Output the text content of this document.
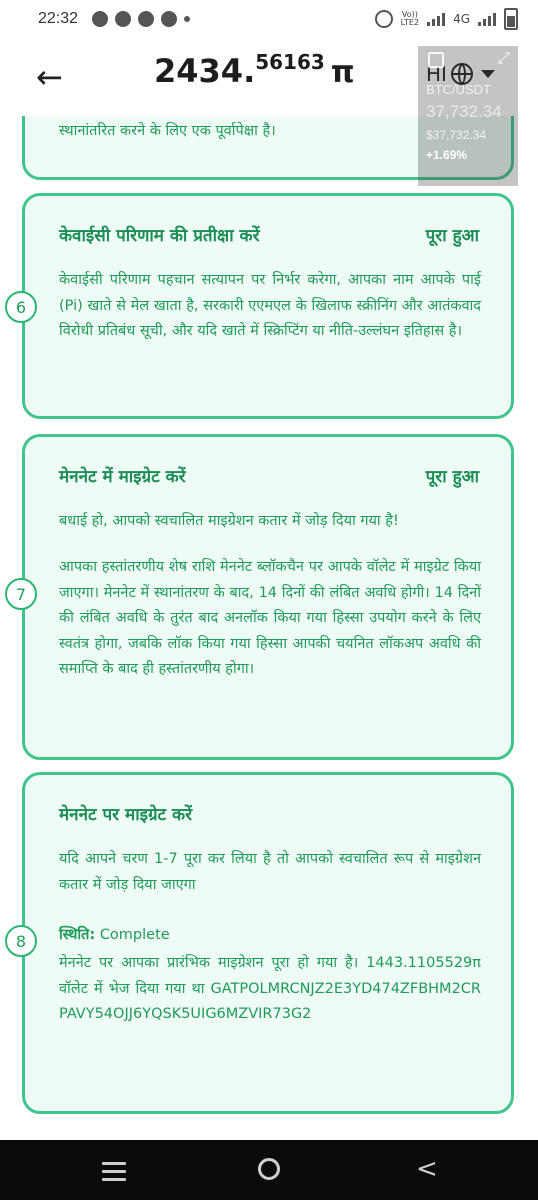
22:32	Vo))
LTE2	4G
←	2434.56163 π	HI
⤢
BTC/USDT
37,732.34
$37,732.34
+1.69%
स्थानांतरित करने के लिए एक पूर्वापेक्षा है।
केवाईसी परिणाम की प्रतीक्षा करें	पूरा हुआ
केवाईसी परिणाम पहचान सत्यापन पर निर्भर करेगा, आपका नाम आपके पाई (Pi) खाते से मेल खाता है, सरकारी एएमएल के खिलाफ स्क्रीनिंग और आतंकवाद विरोधी प्रतिबंध सूची, और यदि खाते में स्क्रिप्टिंग या नीति-उल्लंघन इतिहास है।
6
मेननेट में माइग्रेट करें	पूरा हुआ
बधाई हो, आपको स्वचालित माइग्रेशन कतार में जोड़ दिया गया है!
आपका हस्तांतरणीय शेष राशि मेननेट ब्लॉकचैन पर आपके वॉलेट में माइग्रेट किया जाएगा। मेननेट में स्थानांतरण के बाद, 14 दिनों की लंबित अवधि होगी। 14 दिनों की लंबित अवधि के तुरंत बाद अनलॉक किया गया हिस्सा उपयोग करने के लिए स्वतंत्र होगा, जबकि लॉक किया गया हिस्सा आपकी चयनित लॉकअप अवधि की समाप्ति के बाद ही हस्तांतरणीय होगा।
7
मेननेट पर माइग्रेट करें
यदि आपने चरण 1-7 पूरा कर लिया है तो आपको स्वचालित रूप से माइग्रेशन कतार में जोड़ दिया जाएगा
स्थिति: Complete
मेननेट पर आपका प्रारंभिक माइग्रेशन पूरा हो गया है। 1443.1105529π वॉलेट में भेज दिया गया था GATPOLMRCNJZ2E3YD474ZFBHM2CRPAVY54OJJ6YQSK5UIG6MZVIR73G2
8
<
